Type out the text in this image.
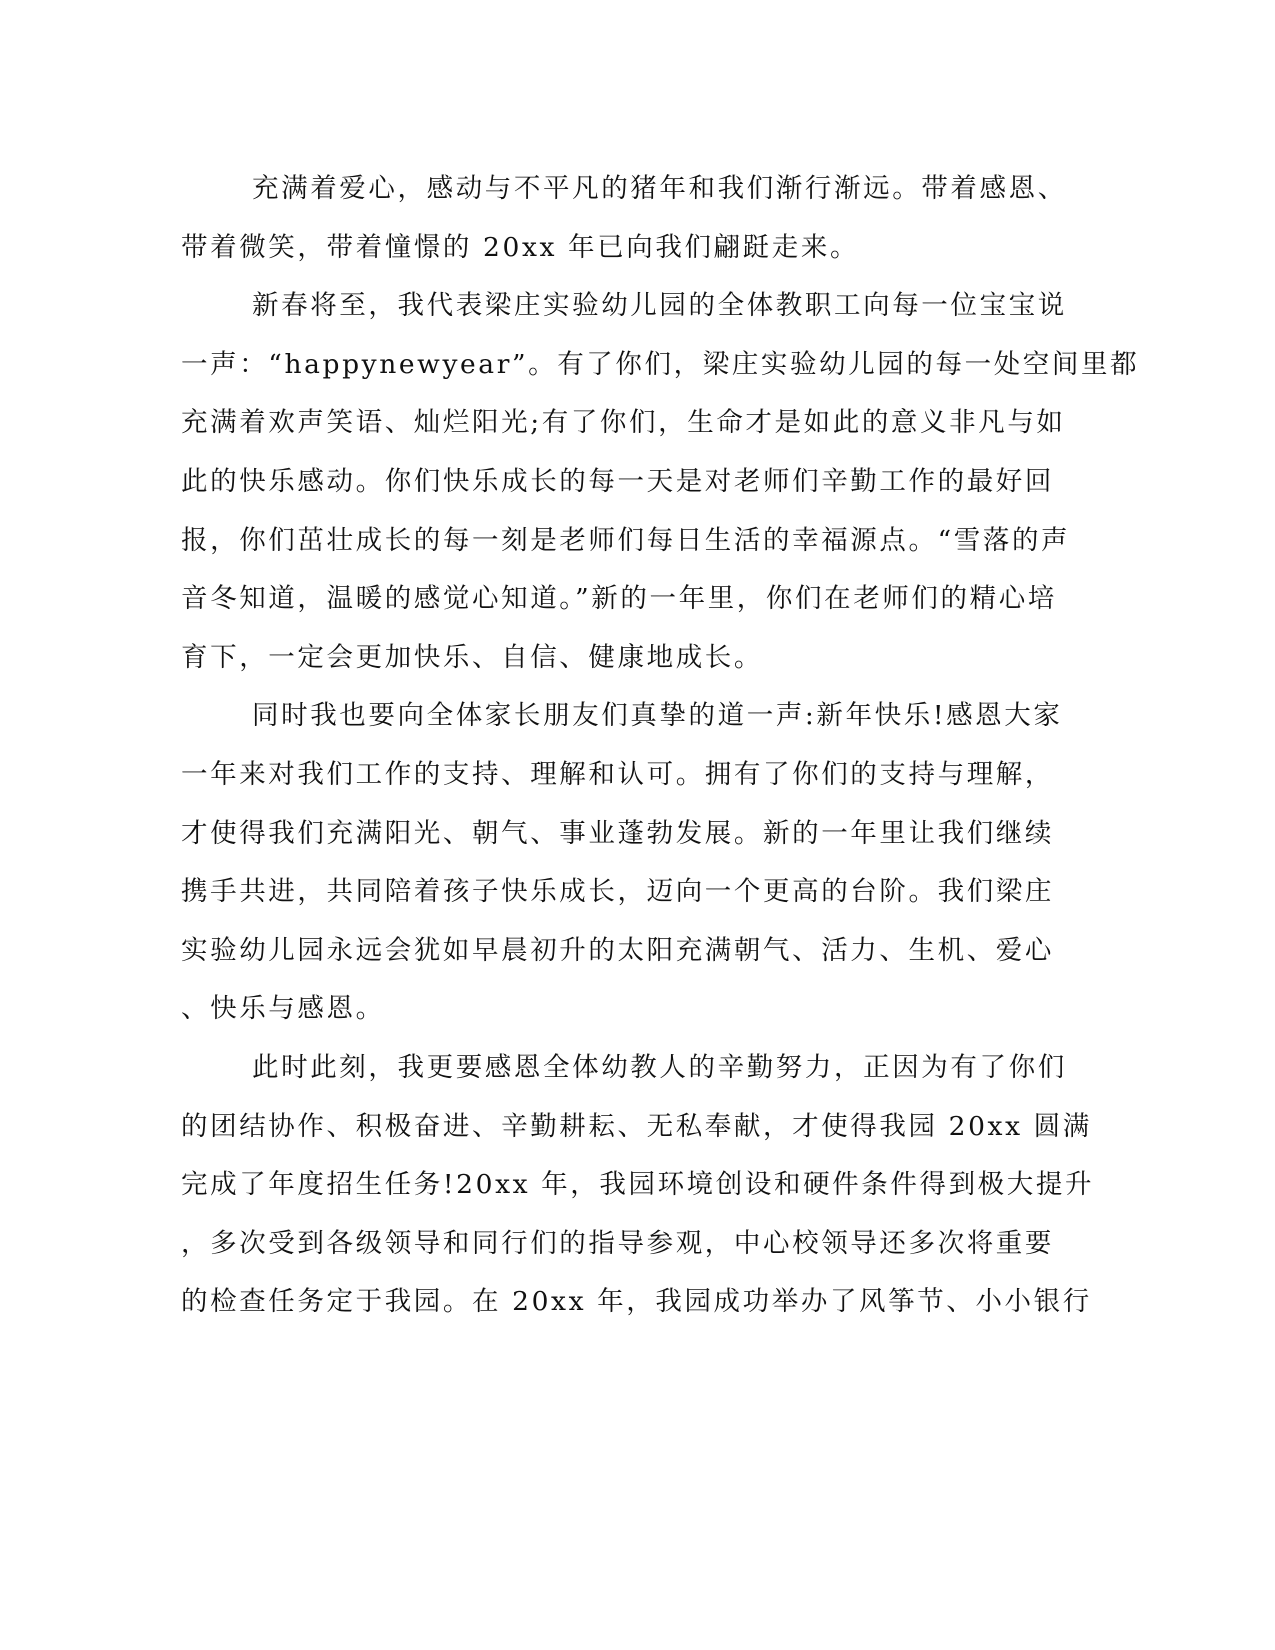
充满着爱心，感动与不平凡的猪年和我们渐行渐远。带着感恩、
带着微笑，带着憧憬的 20xx 年已向我们翩跹走来。
新春将至，我代表梁庄实验幼儿园的全体教职工向每一位宝宝说
一声：“happynewyear”。有了你们，梁庄实验幼儿园的每一处空间里都
充满着欢声笑语、灿烂阳光;有了你们，生命才是如此的意义非凡与如
此的快乐感动。你们快乐成长的每一天是对老师们辛勤工作的最好回
报，你们茁壮成长的每一刻是老师们每日生活的幸福源点。“雪落的声
音冬知道，温暖的感觉心知道。”新的一年里，你们在老师们的精心培
育下，一定会更加快乐、自信、健康地成长。
同时我也要向全体家长朋友们真挚的道一声:新年快乐!感恩大家
一年来对我们工作的支持、理解和认可。拥有了你们的支持与理解，
才使得我们充满阳光、朝气、事业蓬勃发展。新的一年里让我们继续
携手共进，共同陪着孩子快乐成长，迈向一个更高的台阶。我们梁庄
实验幼儿园永远会犹如早晨初升的太阳充满朝气、活力、生机、爱心
、快乐与感恩。
此时此刻，我更要感恩全体幼教人的辛勤努力，正因为有了你们
的团结协作、积极奋进、辛勤耕耘、无私奉献，才使得我园 20xx 圆满
完成了年度招生任务!20xx 年，我园环境创设和硬件条件得到极大提升
，多次受到各级领导和同行们的指导参观，中心校领导还多次将重要
的检查任务定于我园。在 20xx 年，我园成功举办了风筝节、小小银行
